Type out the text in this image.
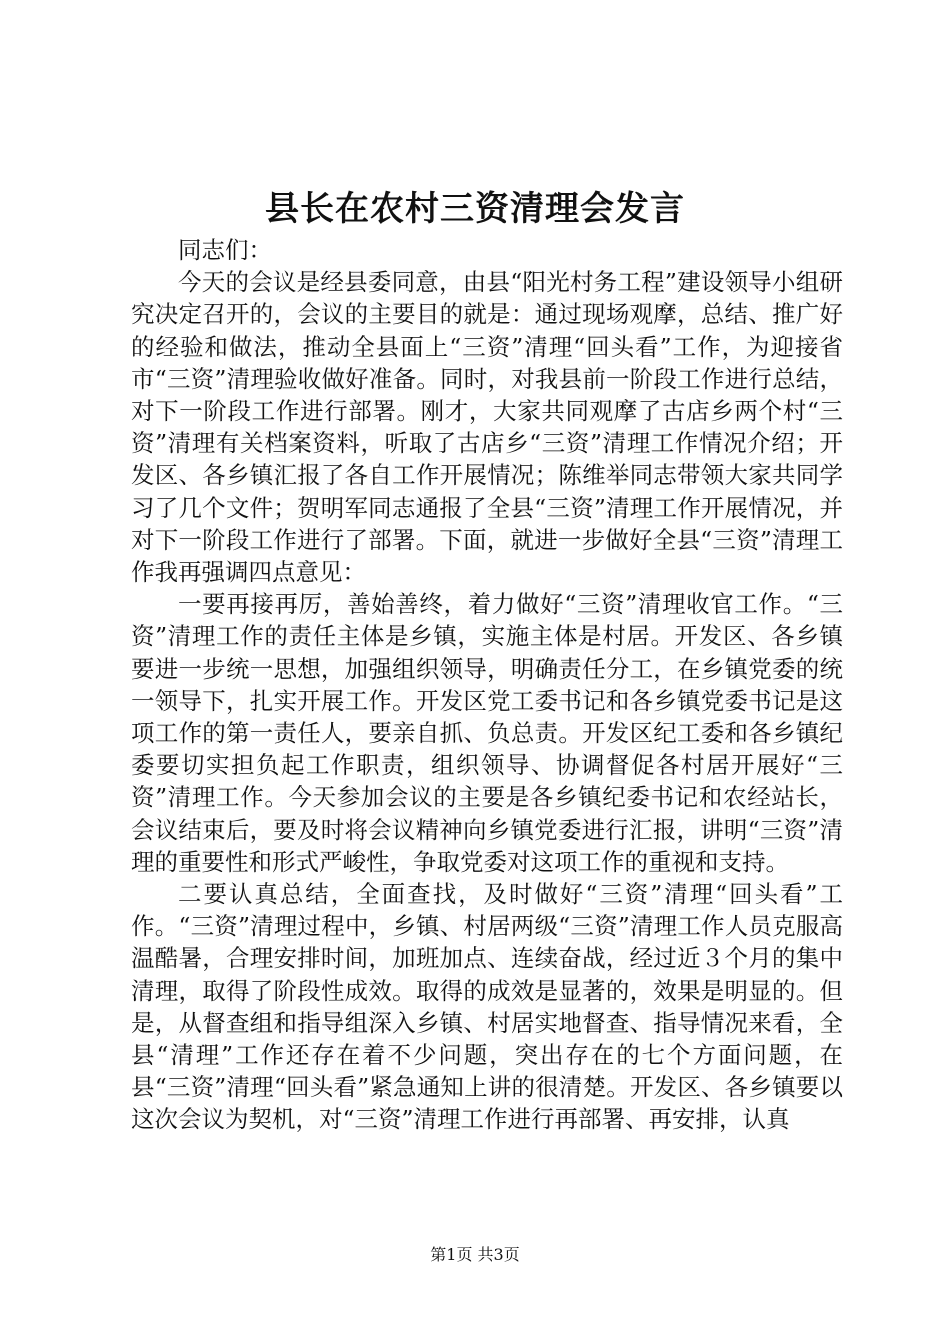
县长在农村三资清理会发言

同志们：

今天的会议是经县委同意，由县“阳光村务工程”建设领导小组研究决定召开的，会议的主要目的就是：通过现场观摩，总结、推广好的经验和做法，推动全县面上“三资”清理“回头看”工作，为迎接省市“三资”清理验收做好准备。同时，对我县前一阶段工作进行总结，对下一阶段工作进行部署。刚才，大家共同观摩了古店乡两个村“三资”清理有关档案资料，听取了古店乡“三资”清理工作情况介绍；开发区、各乡镇汇报了各自工作开展情况；陈维举同志带领大家共同学习了几个文件；贺明军同志通报了全县“三资”清理工作开展情况，并对下一阶段工作进行了部署。下面，就进一步做好全县“三资”清理工作我再强调四点意见：

一要再接再厉，善始善终，着力做好“三资”清理收官工作。“三资”清理工作的责任主体是乡镇，实施主体是村居。开发区、各乡镇要进一步统一思想，加强组织领导，明确责任分工，在乡镇党委的统一领导下，扎实开展工作。开发区党工委书记和各乡镇党委书记是这项工作的第一责任人，要亲自抓、负总责。开发区纪工委和各乡镇纪委要切实担负起工作职责，组织领导、协调督促各村居开展好“三资”清理工作。今天参加会议的主要是各乡镇纪委书记和农经站长，会议结束后，要及时将会议精神向乡镇党委进行汇报，讲明“三资”清理的重要性和形式严峻性，争取党委对这项工作的重视和支持。

二要认真总结，全面查找，及时做好“三资”清理“回头看”工作。“三资”清理过程中，乡镇、村居两级“三资”清理工作人员克服高温酷暑，合理安排时间，加班加点、连续奋战，经过近３个月的集中清理，取得了阶段性成效。取得的成效是显著的，效果是明显的。但是，从督查组和指导组深入乡镇、村居实地督查、指导情况来看，全县“清理”工作还存在着不少问题，突出存在的七个方面问题，在县“三资”清理“回头看”紧急通知上讲的很清楚。开发区、各乡镇要以这次会议为契机，对“三资”清理工作进行再部署、再安排，认真

第1页 共3页
